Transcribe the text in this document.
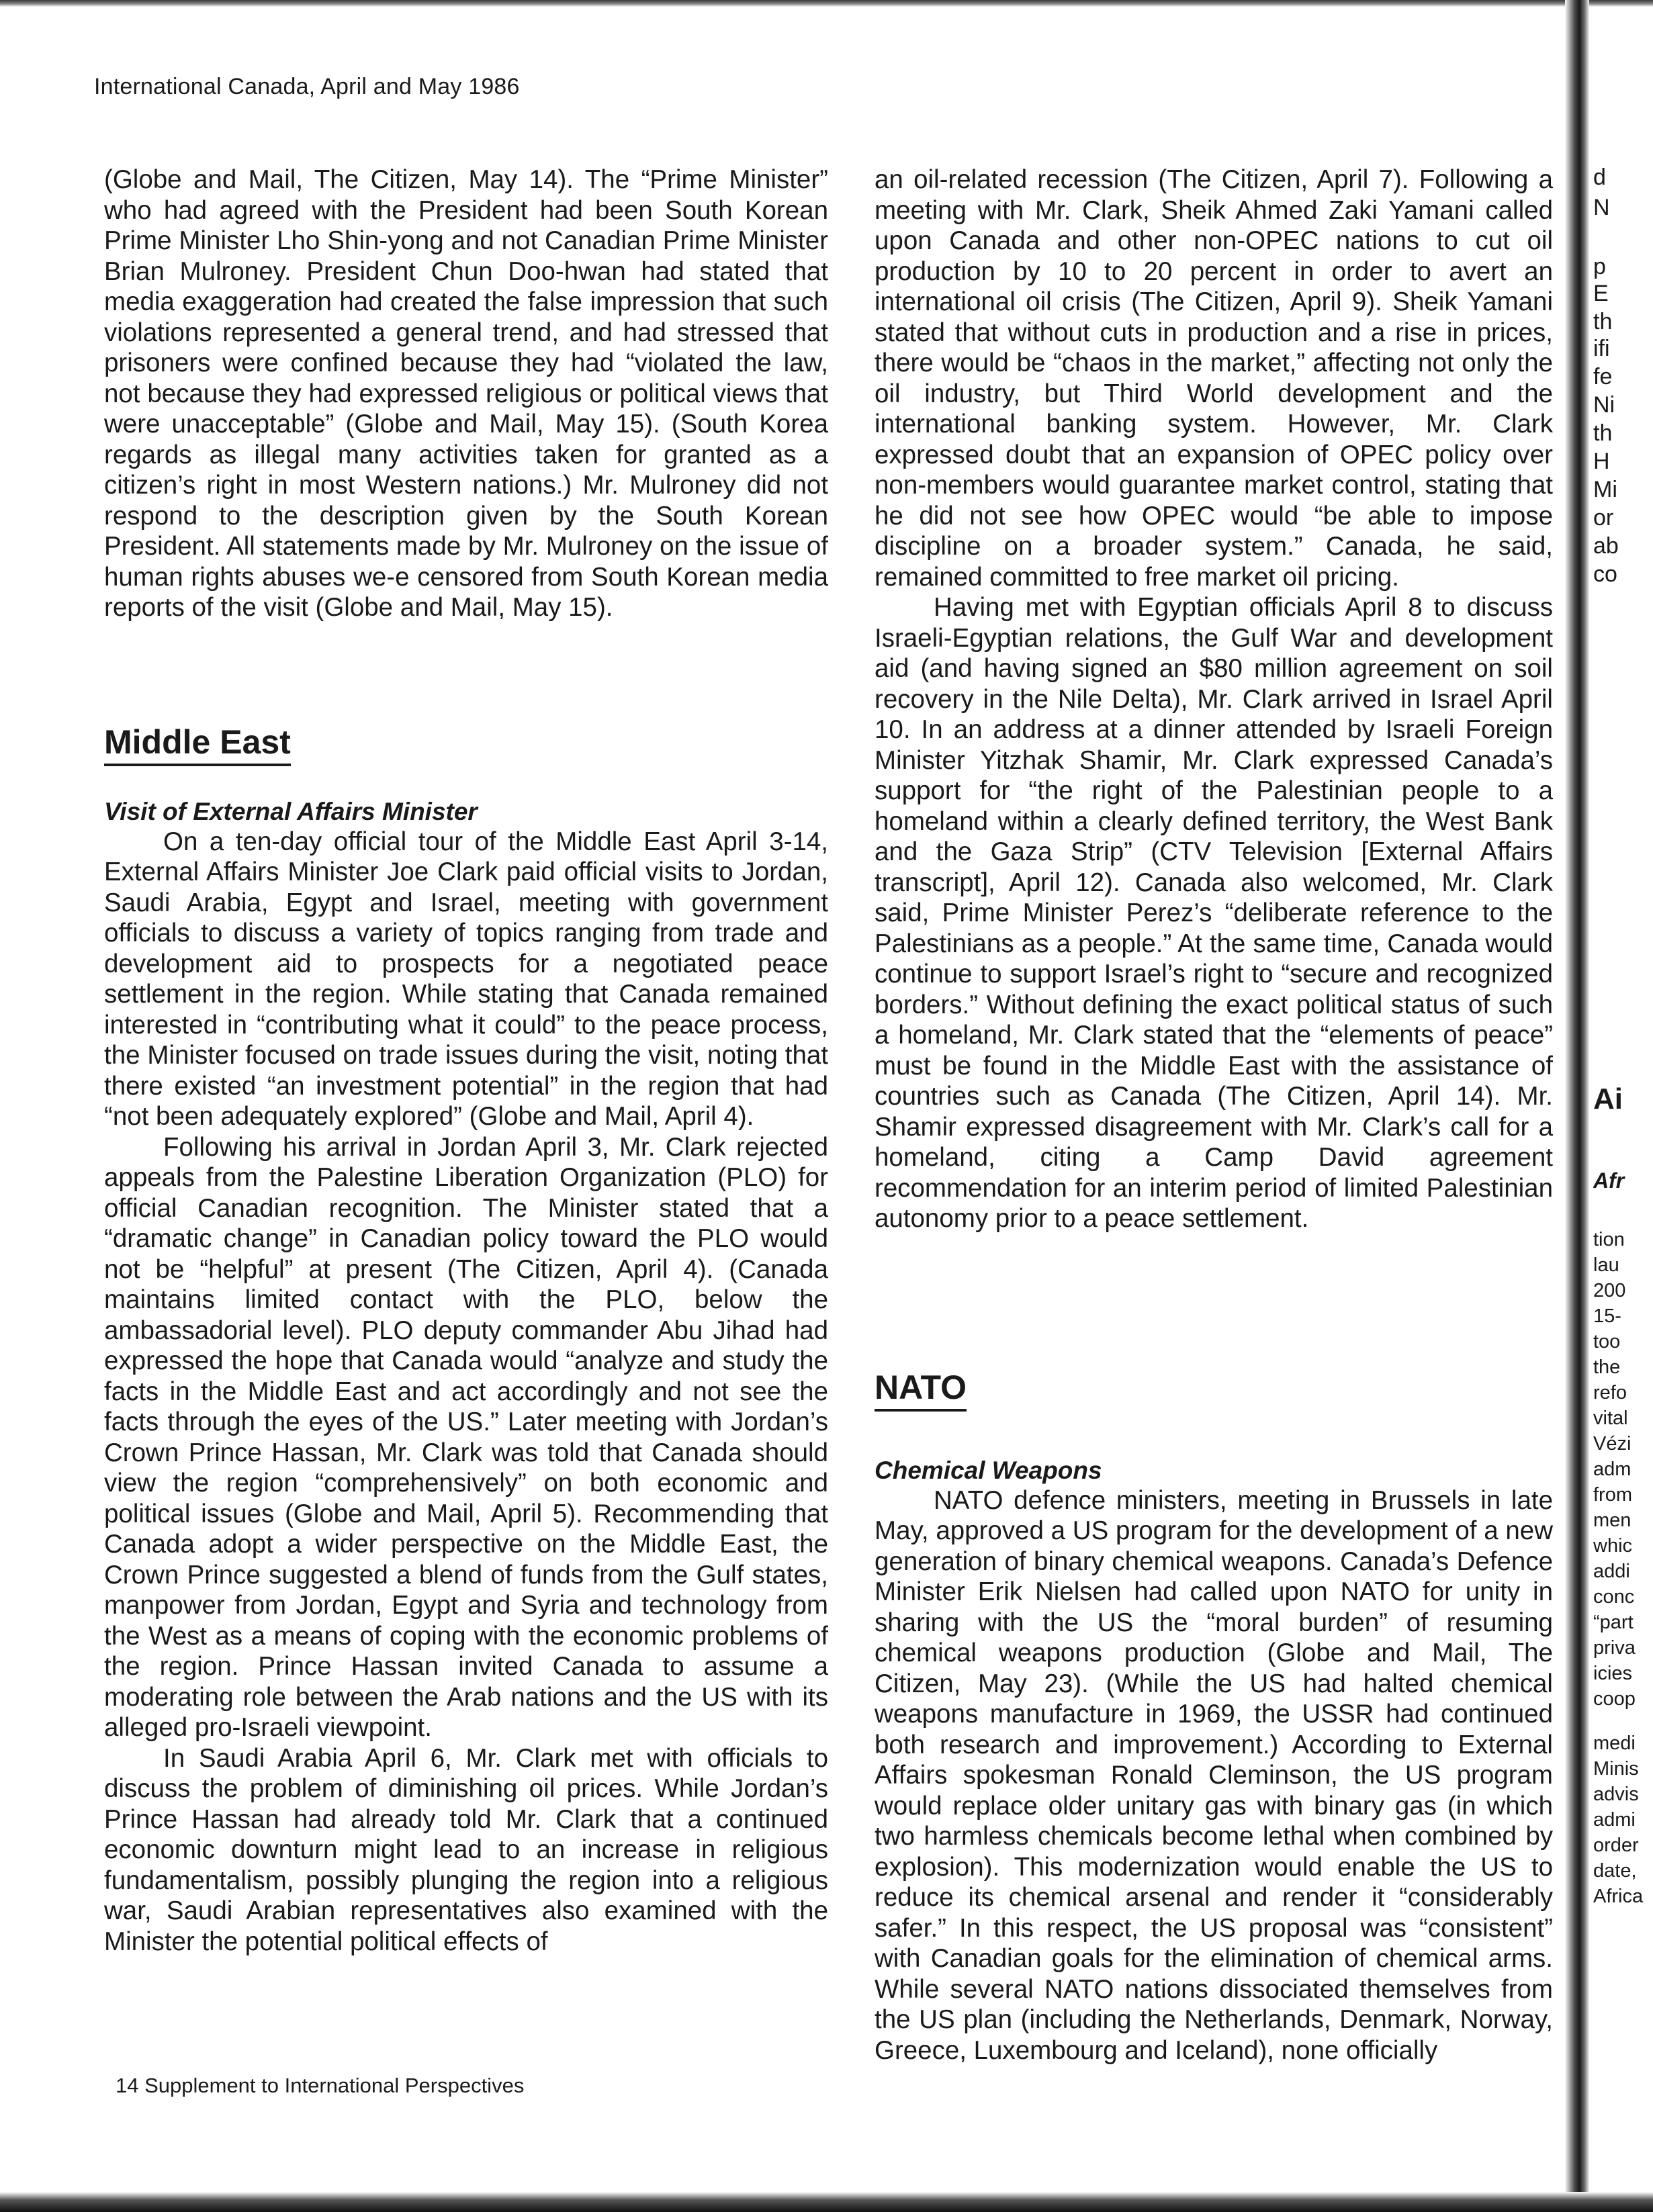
International Canada, April and May 1986

(Globe and Mail, The Citizen, May 14). The “Prime Minister” who had agreed with the President had been South Korean Prime Minister Lho Shin-yong and not Canadian Prime Minister Brian Mulroney. President Chun Doo-hwan had stated that media exaggeration had created the false impression that such violations represented a general trend, and had stressed that prisoners were confined because they had “violated the law, not because they had expressed religious or political views that were unacceptable” (Globe and Mail, May 15). (South Korea regards as illegal many activities taken for granted as a citizen’s right in most Western nations.) Mr. Mulroney did not respond to the description given by the South Korean President. All statements made by Mr. Mulroney on the issue of human rights abuses we-e censored from South Korean media reports of the visit (Globe and Mail, May 15).

Middle East
Visit of External Affairs Minister

On a ten-day official tour of the Middle East April 3-14, External Affairs Minister Joe Clark paid official visits to Jordan, Saudi Arabia, Egypt and Israel, meeting with government officials to discuss a variety of topics ranging from trade and development aid to prospects for a negotiated peace settlement in the region. While stating that Canada remained interested in “contributing what it could” to the peace process, the Minister focused on trade issues during the visit, noting that there existed “an investment potential” in the region that had “not been adequately explored” (Globe and Mail, April 4).

Following his arrival in Jordan April 3, Mr. Clark rejected appeals from the Palestine Liberation Organization (PLO) for official Canadian recognition. The Minister stated that a “dramatic change” in Canadian policy toward the PLO would not be “helpful” at present (The Citizen, April 4). (Canada maintains limited contact with the PLO, below the ambassadorial level). PLO deputy commander Abu Jihad had expressed the hope that Canada would “analyze and study the facts in the Middle East and act accordingly and not see the facts through the eyes of the US.” Later meeting with Jordan’s Crown Prince Hassan, Mr. Clark was told that Canada should view the region “comprehensively” on both economic and political issues (Globe and Mail, April 5). Recommending that Canada adopt a wider perspective on the Middle East, the Crown Prince suggested a blend of funds from the Gulf states, manpower from Jordan, Egypt and Syria and technology from the West as a means of coping with the economic problems of the region. Prince Hassan invited Canada to assume a moderating role between the Arab nations and the US with its alleged pro-Israeli viewpoint.

In Saudi Arabia April 6, Mr. Clark met with officials to discuss the problem of diminishing oil prices. While Jordan’s Prince Hassan had already told Mr. Clark that a continued economic downturn might lead to an increase in religious fundamentalism, possibly plunging the region into a religious war, Saudi Arabian representatives also examined with the Minister the potential political effects of

an oil-related recession (The Citizen, April 7). Following a meeting with Mr. Clark, Sheik Ahmed Zaki Yamani called upon Canada and other non-OPEC nations to cut oil production by 10 to 20 percent in order to avert an international oil crisis (The Citizen, April 9). Sheik Yamani stated that without cuts in production and a rise in prices, there would be “chaos in the market,” affecting not only the oil industry, but Third World development and the international banking system. However, Mr. Clark expressed doubt that an expansion of OPEC policy over non-members would guarantee market control, stating that he did not see how OPEC would “be able to impose discipline on a broader system.” Canada, he said, remained committed to free market oil pricing.

Having met with Egyptian officials April 8 to discuss Israeli-Egyptian relations, the Gulf War and development aid (and having signed an $80 million agreement on soil recovery in the Nile Delta), Mr. Clark arrived in Israel April 10. In an address at a dinner attended by Israeli Foreign Minister Yitzhak Shamir, Mr. Clark expressed Canada’s support for “the right of the Palestinian people to a homeland within a clearly defined territory, the West Bank and the Gaza Strip” (CTV Television [External Affairs transcript], April 12). Canada also welcomed, Mr. Clark said, Prime Minister Perez’s “deliberate reference to the Palestinians as a people.” At the same time, Canada would continue to support Israel’s right to “secure and recognized borders.” Without defining the exact political status of such a homeland, Mr. Clark stated that the “elements of peace” must be found in the Middle East with the assistance of countries such as Canada (The Citizen, April 14). Mr. Shamir expressed disagreement with Mr. Clark’s call for a homeland, citing a Camp David agreement recommendation for an interim period of limited Palestinian autonomy prior to a peace settlement.

NATO
Chemical Weapons

NATO defence ministers, meeting in Brussels in late May, approved a US program for the development of a new generation of binary chemical weapons. Canada’s Defence Minister Erik Nielsen had called upon NATO for unity in sharing with the US the “moral burden” of resuming chemical weapons production (Globe and Mail, The Citizen, May 23). (While the US had halted chemical weapons manufacture in 1969, the USSR had continued both research and improvement.) According to External Affairs spokesman Ronald Cleminson, the US program would replace older unitary gas with binary gas (in which two harmless chemicals become lethal when combined by explosion). This modernization would enable the US to reduce its chemical arsenal and render it “considerably safer.” In this respect, the US proposal was “consistent” with Canadian goals for the elimination of chemical arms. While several NATO nations dissociated themselves from the US plan (including the Netherlands, Denmark, Norway, Greece, Luxembourg and Iceland), none officially

14 Supplement to International Perspectives
d
N
p
E
th
ifi
fe
Ni
th
H
Mi
or
ab
co
Ai
Afr
tion
lau
200
15-
too
the
refo
vital
Vézi
adm
from
men
whic
addi
conc
“part
priva
icies
coop
medi
Minis
advis
admi
order
date,
Africa
